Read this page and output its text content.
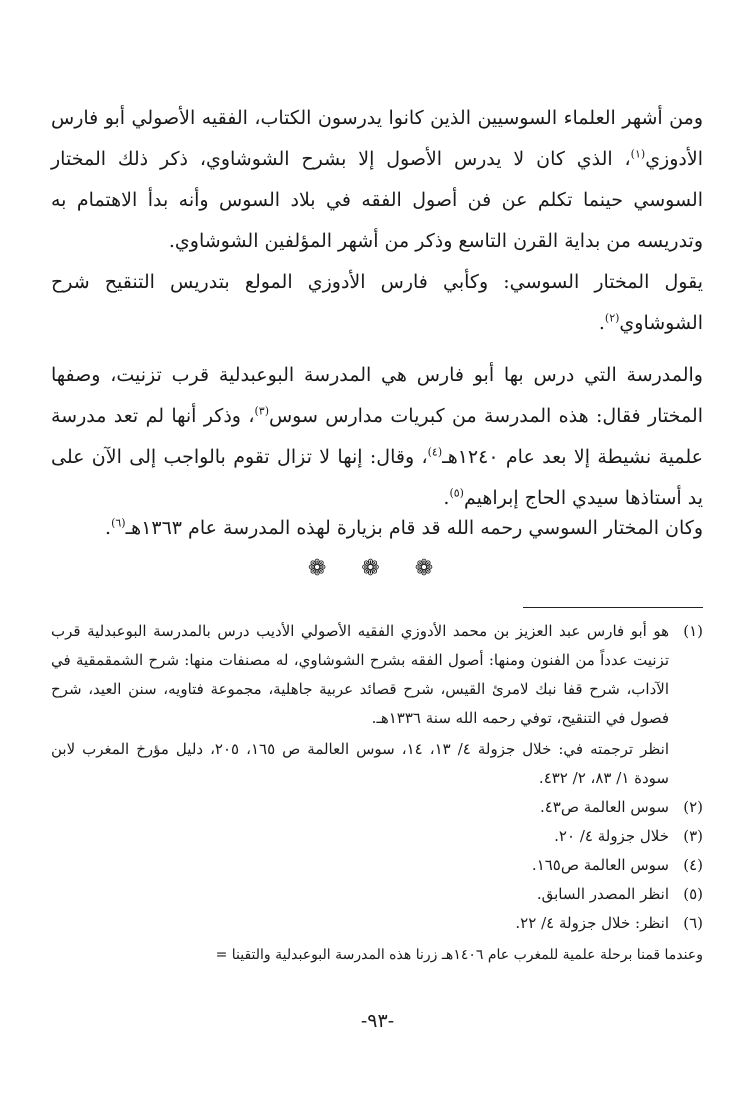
ومن أشهر العلماء السوسيين الذين كانوا يدرسون الكتاب، الفقيه الأصولي أبو فارس الأدوزي$^{(١)}$، الذي كان لا يدرس الأصول إلا بشرح الشوشاوي، ذكر ذلك المختار السوسي حينما تكلم عن فن أصول الفقه في بلاد السوس وأنه بدأ الاهتمام به وتدريسه من بداية القرن التاسع وذكر من أشهر المؤلفين الشوشاوي.
يقول المختار السوسي: وكأبي فارس الأدوزي المولع بتدريس التنقيح شرح الشوشاوي$^{(٢)}$.
والمدرسة التي درس بها أبو فارس هي المدرسة البوعبدلية قرب تزنيت، وصفها المختار فقال: هذه المدرسة من كبريات مدارس سوس$^{(٣)}$، وذكر أنها لم تعد مدرسة علمية نشيطة إلا بعد عام ١٢٤٠هـ$^{(٤)}$، وقال: إنها لا تزال تقوم بالواجب إلى الآن على يد أستاذها سيدي الحاج إبراهيم$^{(٥)}$.
وكان المختار السوسي رحمه الله قد قام بزيارة لهذه المدرسة عام ١٣٦٣هـ$^{(٦)}$.
❁ ❁ ❁
(١)
هو أبو فارس عبد العزيز بن محمد الأدوزي الفقيه الأصولي الأديب درس بالمدرسة البوعبدلية قرب تزنيت عدداً من الفنون ومنها: أصول الفقه بشرح الشوشاوي، له مصنفات منها: شرح الشمقمقية في الآداب، شرح قفا نبك لامرئ القيس، شرح قصائد عربية جاهلية، مجموعة فتاويه، سنن العيد، شرح فصول في التنقيح، توفي رحمه الله سنة ١٣٣٦هـ.
انظر ترجمته في: خلال جزولة ٤/ ١٣، ١٤، سوس العالمة ص ١٦٥، ٢٠٥، دليل مؤرخ المغرب لابن سودة ١/ ٨٣، ٢/ ٤٣٢.
(٢)
سوس العالمة ص٤٣.
(٣)
خلال جزولة ٤/ ٢٠.
(٤)
سوس العالمة ص١٦٥.
(٥)
انظر المصدر السابق.
(٦)
انظر: خلال جزولة ٤/ ٢٢.
وعندما قمنا برحلة علمية للمغرب عام ١٤٠٦هـ زرنا هذه المدرسة البوعبدلية والتقينا =
-٩٣-
